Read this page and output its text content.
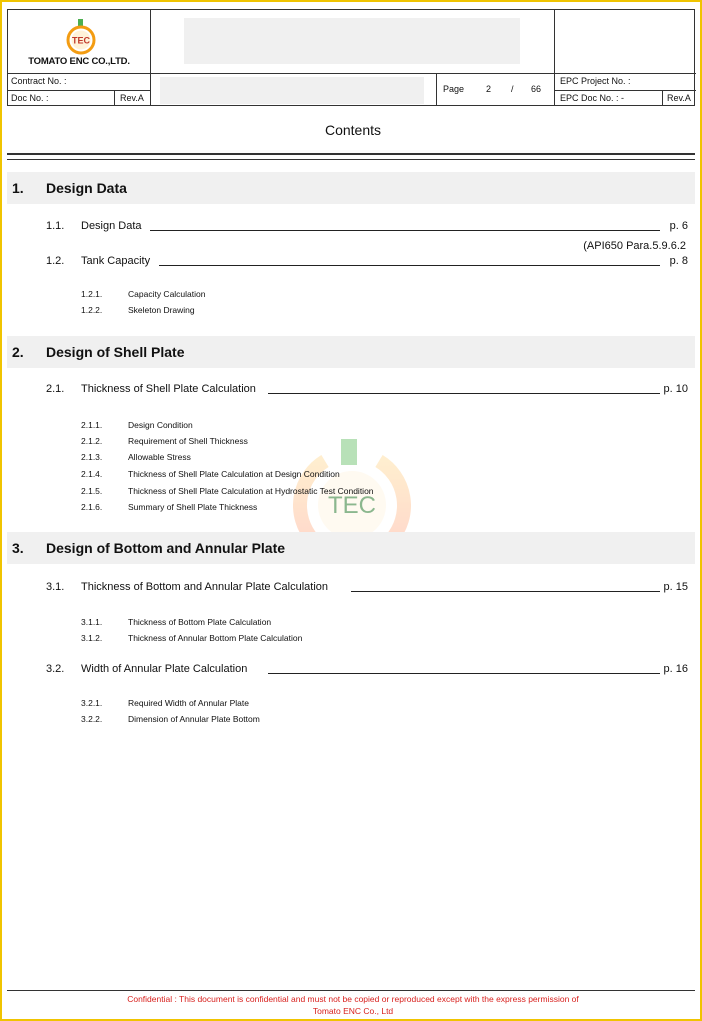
TEC
TOMATO ENC CO.,LTD.
Contract No. :
Doc No. :	Rev.A
Page 2 / 66
EPC Project No. :
EPC Doc No. : -	Rev.A
Contents
TEC
1. Design Data
1.1. Design Data	p. 6
(API650 Para.5.9.6.2
1.2. Tank Capacity	p. 8
1.2.1.	Capacity Calculation
1.2.2.	Skeleton Drawing
2. Design of Shell Plate
2.1. Thickness of Shell Plate Calculation	p. 10
2.1.1.	Design Condition
2.1.2.	Requirement of Shell Thickness
2.1.3.	Allowable Stress
2.1.4.	Thickness of Shell Plate Calculation at Design Condition
2.1.5.	Thickness of Shell Plate Calculation at Hydrostatic Test Condition
2.1.6.	Summary of Shell Plate Thickness
3. Design of Bottom and Annular Plate
3.1. Thickness of Bottom and Annular Plate Calculation	p. 15
3.1.1.	Thickness of Bottom Plate Calculation
3.1.2.	Thickness of Annular Bottom Plate Calculation
3.2. Width of Annular Plate Calculation	p. 16
3.2.1.	Required Width of Annular Plate
3.2.2.	Dimension of Annular Plate Bottom
Confidential : This document is confidential and must not be copied or reproduced except with the express permission of
Tomato ENC Co., Ltd
